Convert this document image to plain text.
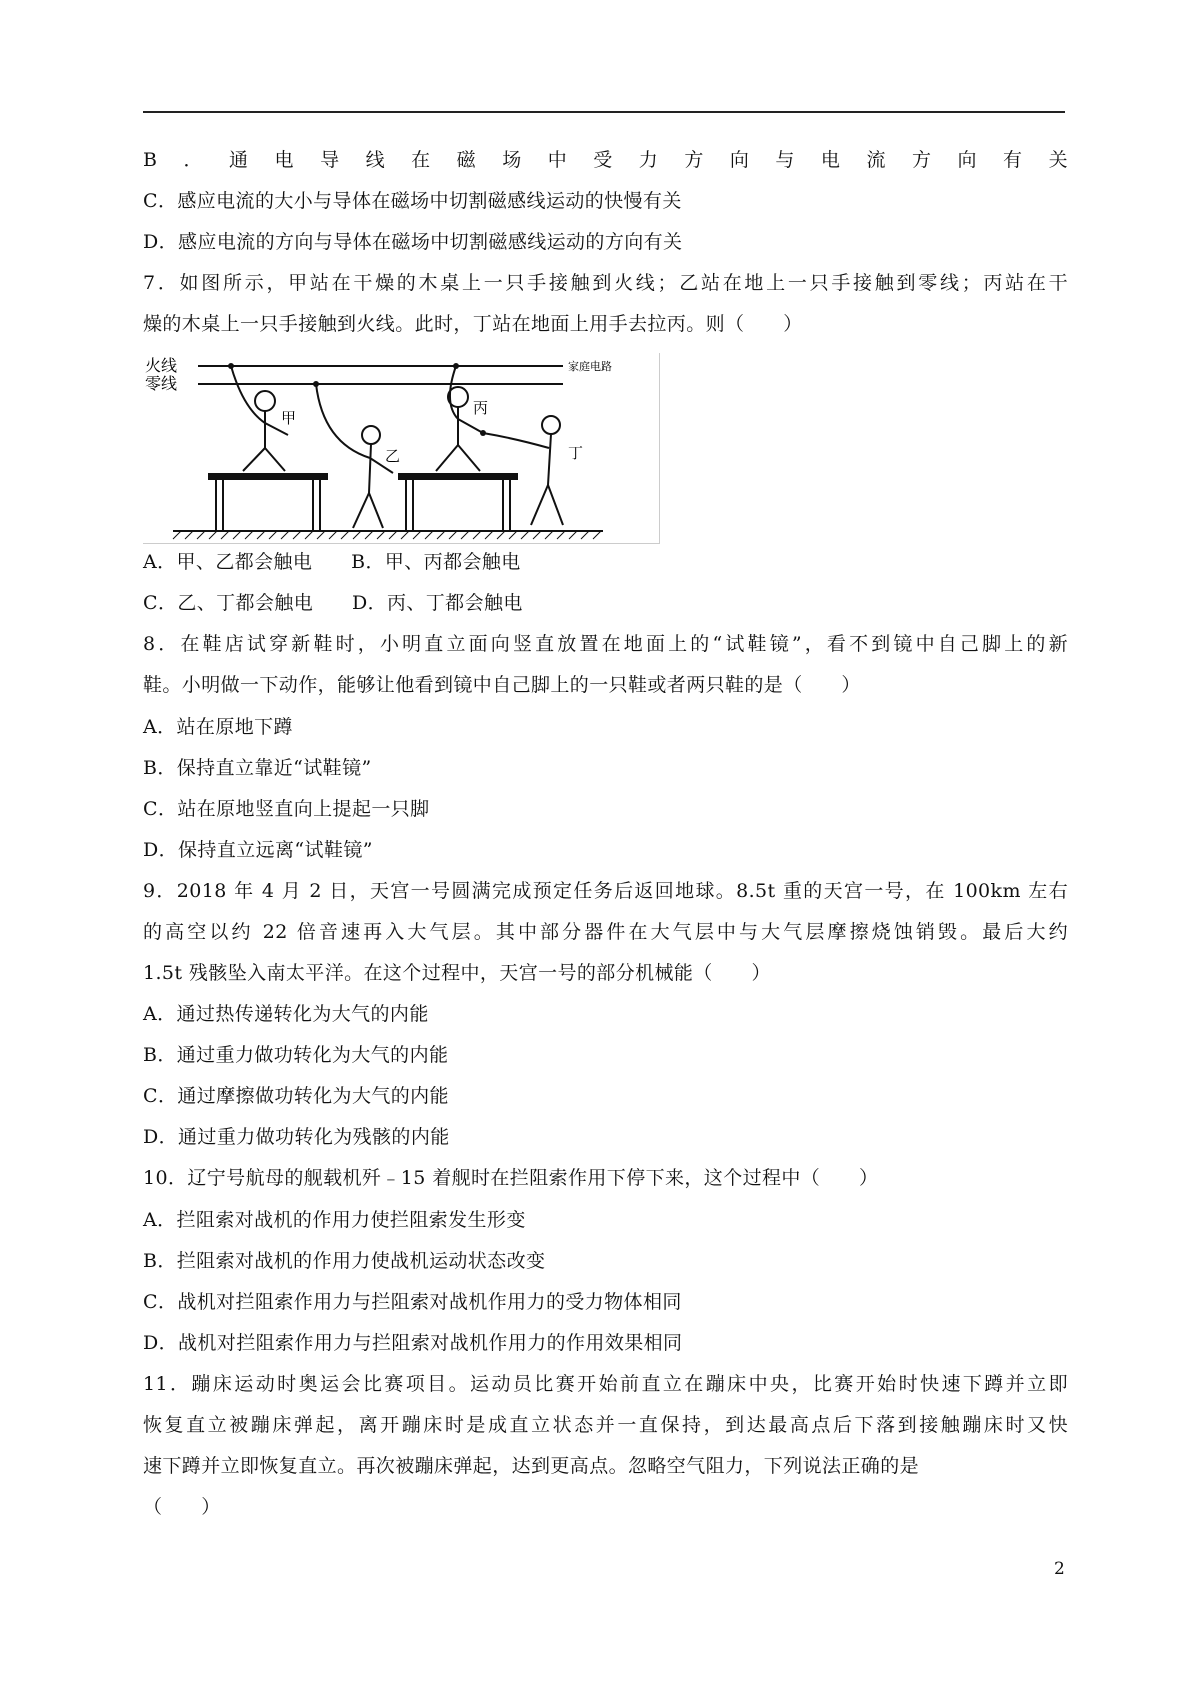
B．通电导线在磁场中受力方向与电流方向有关
C．感应电流的大小与导体在磁场中切割磁感线运动的快慢有关
D．感应电流的方向与导体在磁场中切割磁感线运动的方向有关
7．如图所示，甲站在干燥的木桌上一只手接触到火线；乙站在地上一只手接触到零线；丙站在干
燥的木桌上一只手接触到火线。此时，丁站在地面上用手去拉丙。则（　　）
火线
零线
家庭电路
甲
乙
丙
丁
A．甲、乙都会触电　　B．甲、丙都会触电
C．乙、丁都会触电　　D．丙、丁都会触电
8．在鞋店试穿新鞋时，小明直立面向竖直放置在地面上的“试鞋镜”，看不到镜中自己脚上的新
鞋。小明做一下动作，能够让他看到镜中自己脚上的一只鞋或者两只鞋的是（　　）
A．站在原地下蹲
B．保持直立靠近“试鞋镜”
C．站在原地竖直向上提起一只脚
D．保持直立远离“试鞋镜”
9．2018 年 4 月 2 日，天宫一号圆满完成预定任务后返回地球。8.5t 重的天宫一号，在 100km 左右
的高空以约 22 倍音速再入大气层。其中部分器件在大气层中与大气层摩擦烧蚀销毁。最后大约
1.5t 残骸坠入南太平洋。在这个过程中，天宫一号的部分机械能（　　）
A．通过热传递转化为大气的内能
B．通过重力做功转化为大气的内能
C．通过摩擦做功转化为大气的内能
D．通过重力做功转化为残骸的内能
10．辽宁号航母的舰载机歼﹣15 着舰时在拦阻索作用下停下来，这个过程中（　　）
A．拦阻索对战机的作用力使拦阻索发生形变
B．拦阻索对战机的作用力使战机运动状态改变
C．战机对拦阻索作用力与拦阻索对战机作用力的受力物体相同
D．战机对拦阻索作用力与拦阻索对战机作用力的作用效果相同
11．蹦床运动时奥运会比赛项目。运动员比赛开始前直立在蹦床中央，比赛开始时快速下蹲并立即
恢复直立被蹦床弹起，离开蹦床时是成直立状态并一直保持，到达最高点后下落到接触蹦床时又快
速下蹲并立即恢复直立。再次被蹦床弹起，达到更高点。忽略空气阻力，下列说法正确的是
（　　）
2
